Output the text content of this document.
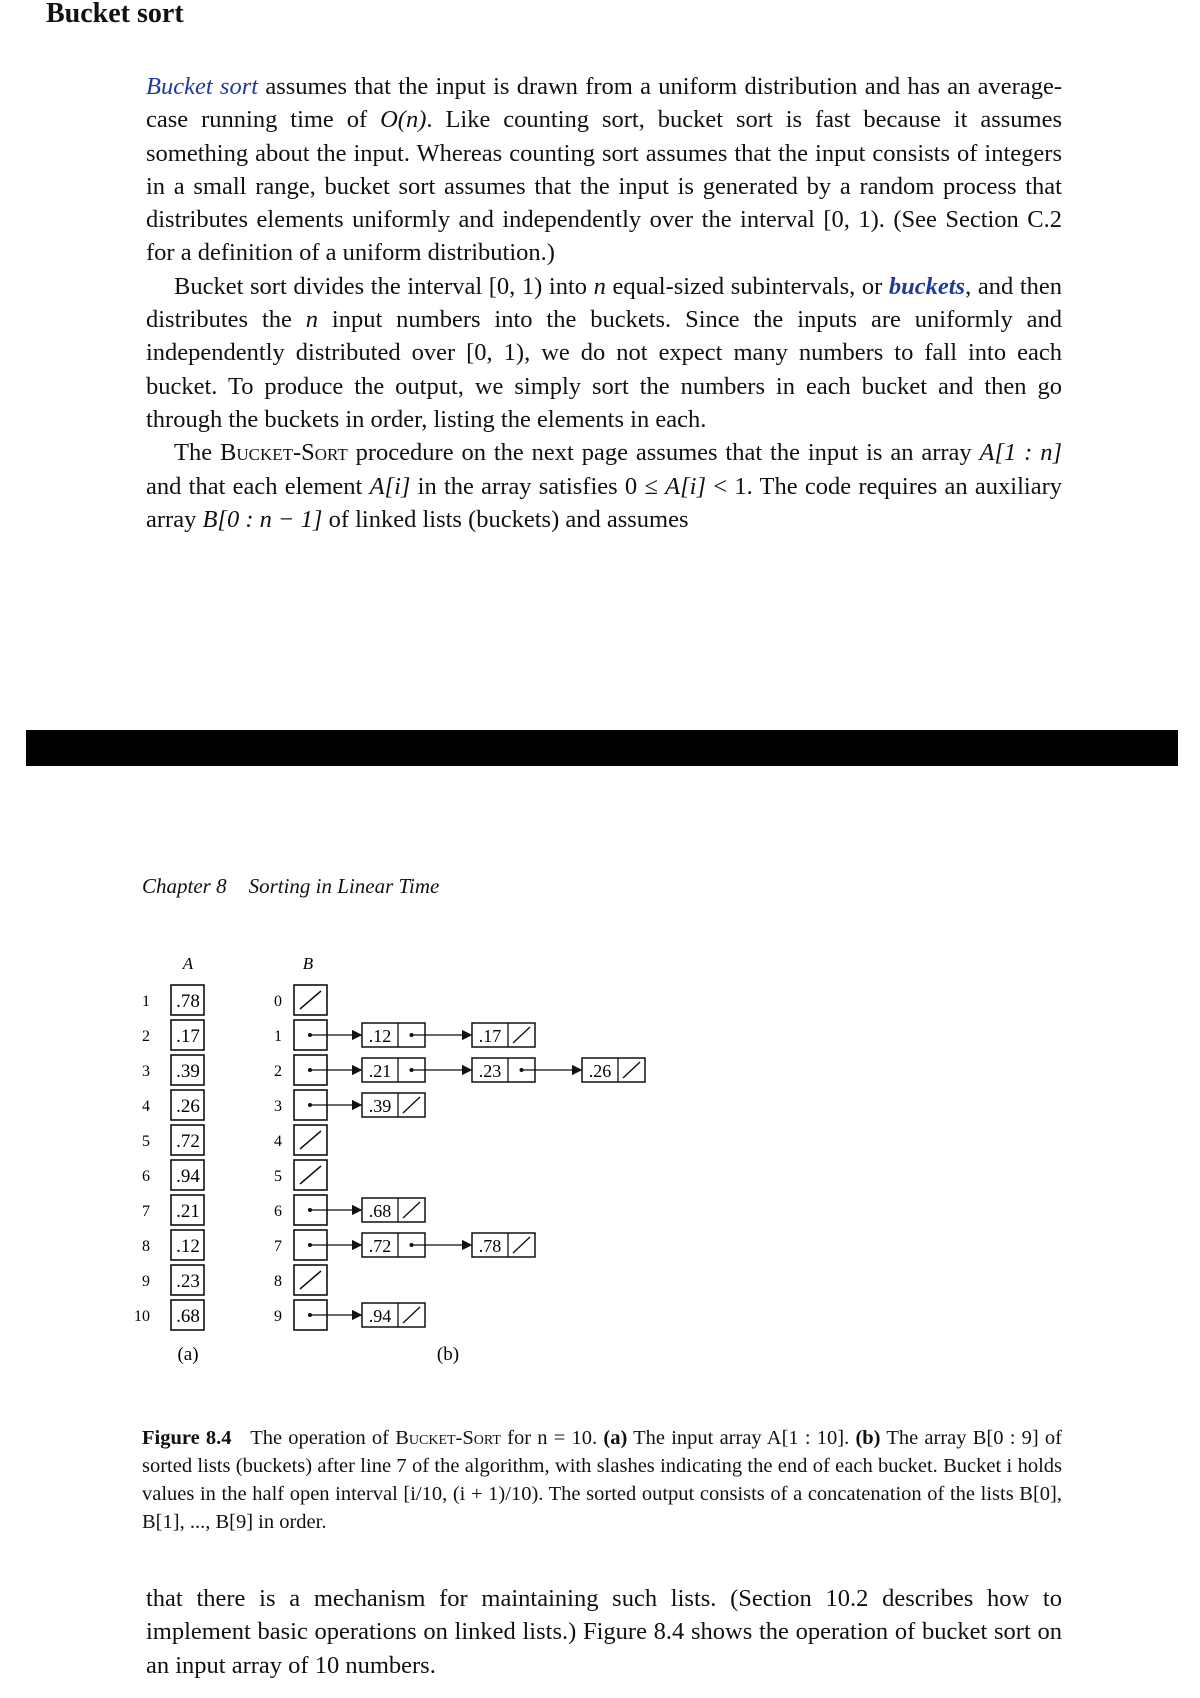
Bucket sort

Bucket sort assumes that the input is drawn from a uniform distribution and has an average-case running time of O(n). Like counting sort, bucket sort is fast because it assumes something about the input. Whereas counting sort assumes that the input consists of integers in a small range, bucket sort assumes that the input is generated by a random process that distributes elements uniformly and independently over the interval [0, 1). (See Section C.2 for a definition of a uniform distribution.)

Bucket sort divides the interval [0, 1) into n equal-sized subintervals, or buckets, and then distributes the n input numbers into the buckets. Since the inputs are uniformly and independently distributed over [0, 1), we do not expect many numbers to fall into each bucket. To produce the output, we simply sort the numbers in each bucket and then go through the buckets in order, listing the elements in each.

The Bucket-Sort procedure on the next page assumes that the input is an array A[1 : n] and that each element A[i] in the array satisfies 0 ≤ A[i] < 1. The code requires an auxiliary array B[0 : n − 1] of linked lists (buckets) and assumes

Chapter 8 Sorting in Linear Time
A	B
1 .78
2 .17
3 .39
4 .26
5 .72
6 .94
7 .21
8 .12
9 .23
10 .68
0
1	.12	.17
2	.21	.23	.26
3	.39
4
5
6	.68
7	.72	.78
8
9	.94
(a)	(b)
Figure 8.4 The operation of Bucket-Sort for n = 10. (a) The input array A[1 : 10]. (b) The array B[0 : 9] of sorted lists (buckets) after line 7 of the algorithm, with slashes indicating the end of each bucket. Bucket i holds values in the half open interval [i/10, (i + 1)/10). The sorted output consists of a concatenation of the lists B[0], B[1], ..., B[9] in order.

that there is a mechanism for maintaining such lists. (Section 10.2 describes how to implement basic operations on linked lists.) Figure 8.4 shows the operation of bucket sort on an input array of 10 numbers.
